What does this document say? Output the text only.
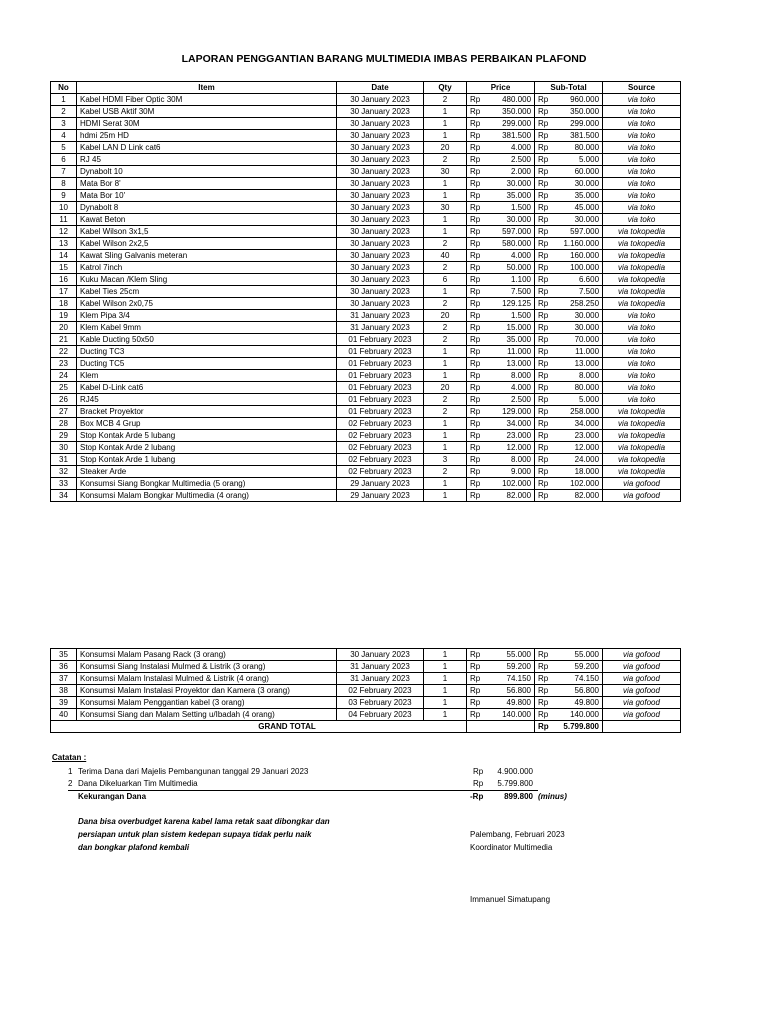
LAPORAN PENGGANTIAN BARANG MULTIMEDIA IMBAS PERBAIKAN PLAFOND
No	Item	Date	Qty	Price		Sub-Total		Source
1	Kabel HDMI Fiber Optic 30M	30 January 2023	2	Rp	480.000	Rp	960.000	via toko
2	Kabel USB Aktif 30M	30 January 2023	1	Rp	350.000	Rp	350.000	via toko
3	HDMI Serat 30M	30 January 2023	1	Rp	299.000	Rp	299.000	via toko
4	hdmi 25m HD	30 January 2023	1	Rp	381.500	Rp	381.500	via toko
5	Kabel LAN D Link cat6	30 January 2023	20	Rp	4.000	Rp	80.000	via toko
6	RJ 45	30 January 2023	2	Rp	2.500	Rp	5.000	via toko
7	Dynabolt 10	30 January 2023	30	Rp	2.000	Rp	60.000	via toko
8	Mata Bor 8'	30 January 2023	1	Rp	30.000	Rp	30.000	via toko
9	Mata Bor 10'	30 January 2023	1	Rp	35.000	Rp	35.000	via toko
10	Dynabolt 8	30 January 2023	30	Rp	1.500	Rp	45.000	via toko
11	Kawat Beton	30 January 2023	1	Rp	30.000	Rp	30.000	via toko
12	Kabel Wilson 3x1,5	30 January 2023	1	Rp	597.000	Rp	597.000	via tokopedia
13	Kabel Wilson 2x2,5	30 January 2023	2	Rp	580.000	Rp	1.160.000	via tokopedia
14	Kawat Sling Galvanis meteran	30 January 2023	40	Rp	4.000	Rp	160.000	via tokopedia
15	Katrol 7inch	30 January 2023	2	Rp	50.000	Rp	100.000	via tokopedia
16	Kuku Macan /Klem Sling	30 January 2023	6	Rp	1.100	Rp	6.600	via tokopedia
17	Kabel Ties 25cm	30 January 2023	1	Rp	7.500	Rp	7.500	via tokopedia
18	Kabel Wilson 2x0,75	30 January 2023	2	Rp	129.125	Rp	258.250	via tokopedia
19	Klem Pipa 3/4	31 January 2023	20	Rp	1.500	Rp	30.000	via toko
20	Klem Kabel 9mm	31 January 2023	2	Rp	15.000	Rp	30.000	via toko
21	Kable Ducting 50x50	01 February 2023	2	Rp	35.000	Rp	70.000	via toko
22	Ducting TC3	01 February 2023	1	Rp	11.000	Rp	11.000	via toko
23	Ducting TC5	01 February 2023	1	Rp	13.000	Rp	13.000	via toko
24	Klem	01 February 2023	1	Rp	8.000	Rp	8.000	via toko
25	Kabel D-Link cat6	01 February 2023	20	Rp	4.000	Rp	80.000	via toko
26	RJ45	01 February 2023	2	Rp	2.500	Rp	5.000	via toko
27	Bracket Proyektor	01 February 2023	2	Rp	129.000	Rp	258.000	via tokopedia
28	Box MCB 4 Grup	02 February 2023	1	Rp	34.000	Rp	34.000	via tokopedia
29	Stop Kontak Arde 5 lubang	02 February 2023	1	Rp	23.000	Rp	23.000	via tokopedia
30	Stop Kontak Arde 2 lubang	02 February 2023	1	Rp	12.000	Rp	12.000	via tokopedia
31	Stop Kontak Arde 1 lubang	02 February 2023	3	Rp	8.000	Rp	24.000	via tokopedia
32	Steaker Arde	02 February 2023	2	Rp	9.000	Rp	18.000	via tokopedia
33	Konsumsi Siang Bongkar Multimedia (5 orang)	29 January 2023	1	Rp	102.000	Rp	102.000	via gofood
34	Konsumsi Malam Bongkar Multimedia (4 orang)	29 January 2023	1	Rp	82.000	Rp	82.000	via gofood
35	Konsumsi Malam Pasang Rack (3 orang)	30 January 2023	1	Rp	55.000	Rp	55.000	via gofood
36	Konsumsi Siang Instalasi Mulmed & Listrik (3 orang)	31 January 2023	1	Rp	59.200	Rp	59.200	via gofood
37	Konsumsi Malam Instalasi Mulmed & Listrik (4 orang)	31 January 2023	1	Rp	74.150	Rp	74.150	via gofood
38	Konsumsi Malam Instalasi Proyektor dan Kamera (3 orang)	02 February 2023	1	Rp	56.800	Rp	56.800	via gofood
39	Konsumsi Malam Penggantian kabel (3 orang)	03 February 2023	1	Rp	49.800	Rp	49.800	via gofood
40	Konsumsi Siang dan Malam Setting u/Ibadah (4 orang)	04 February 2023	1	Rp	140.000	Rp	140.000	via gofood
GRAND TOTAL						Rp	5.799.800	
Catatan :
1 Terima Dana dari Majelis Pembangunan tanggal 29 Januari 2023	Rp	4.900.000
2 Dana Dikeluarkan Tim Multimedia	Rp	5.799.800
Kekurangan Dana	-Rp	899.800 (minus)
Dana bisa overbudget karena kabel lama retak saat dibongkar dan
persiapan untuk plan sistem kedepan supaya tidak perlu naik
dan bongkar plafond kembali
Palembang, Februari 2023
Koordinator Multimedia
Immanuel Simatupang
